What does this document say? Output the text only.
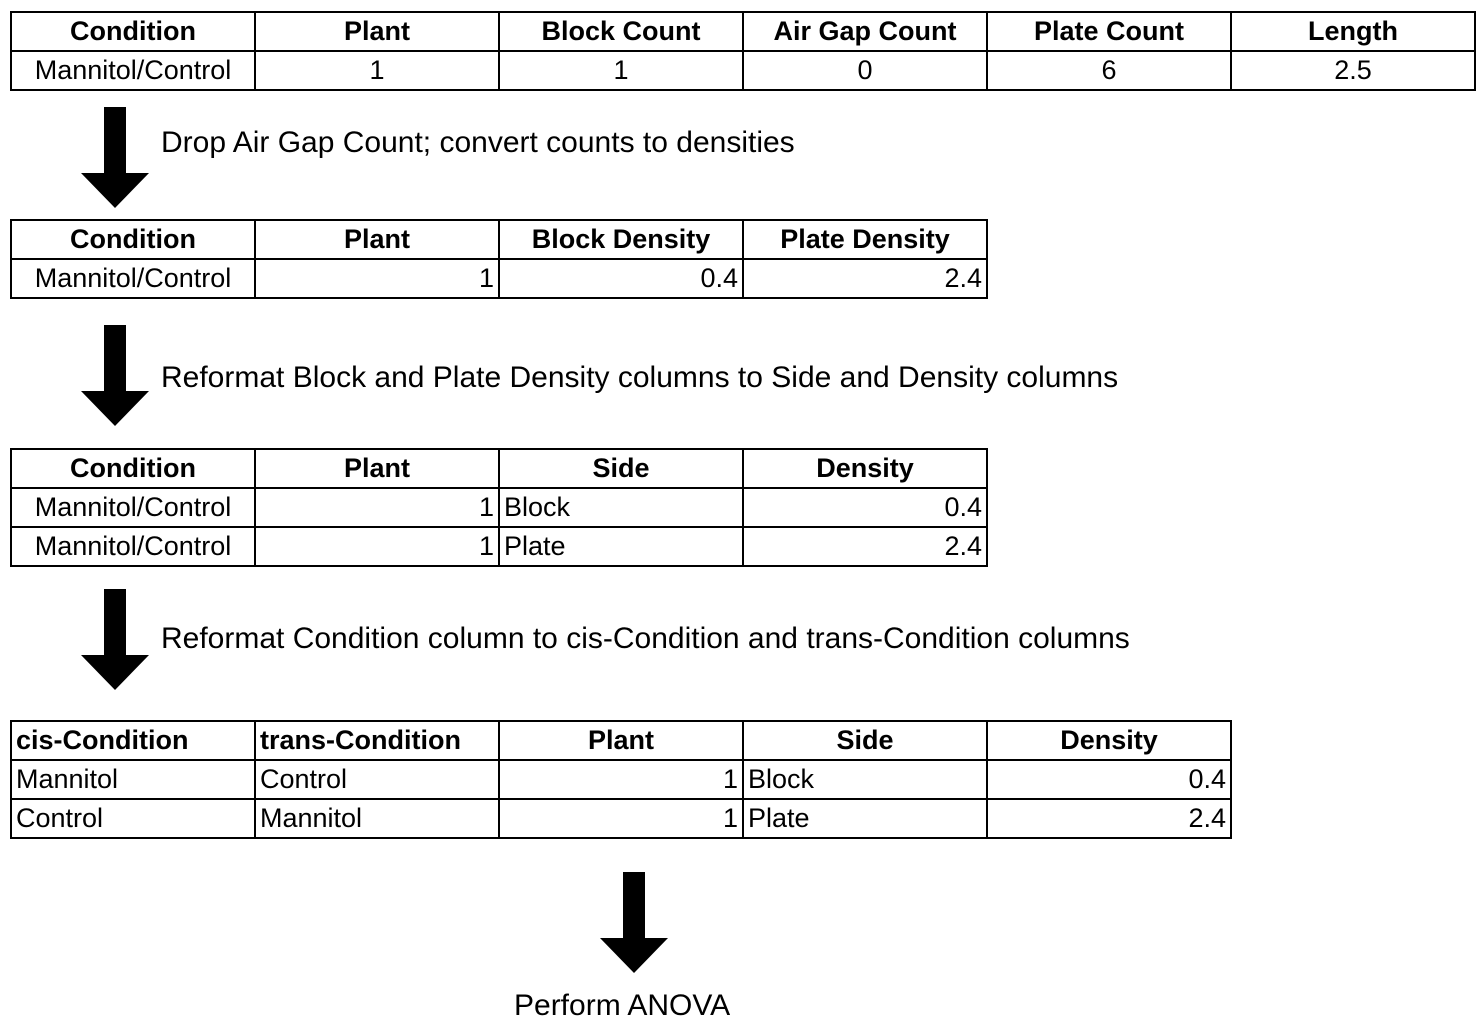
Condition	Plant	Block Count	Air Gap Count	Plate Count	Length
Mannitol/Control	1	1	0	6	2.5
Drop Air Gap Count; convert counts to densities
Condition	Plant	Block Density	Plate Density
Mannitol/Control	1	0.4	2.4
Reformat Block and Plate Density columns to Side and Density columns
Condition	Plant	Side	Density
Mannitol/Control	1	Block	0.4
Mannitol/Control	1	Plate	2.4
Reformat Condition column to cis-Condition and trans-Condition columns
cis-Condition	trans-Condition	Plant	Side	Density
Mannitol	Control	1	Block	0.4
Control	Mannitol	1	Plate	2.4
Perform ANOVA
